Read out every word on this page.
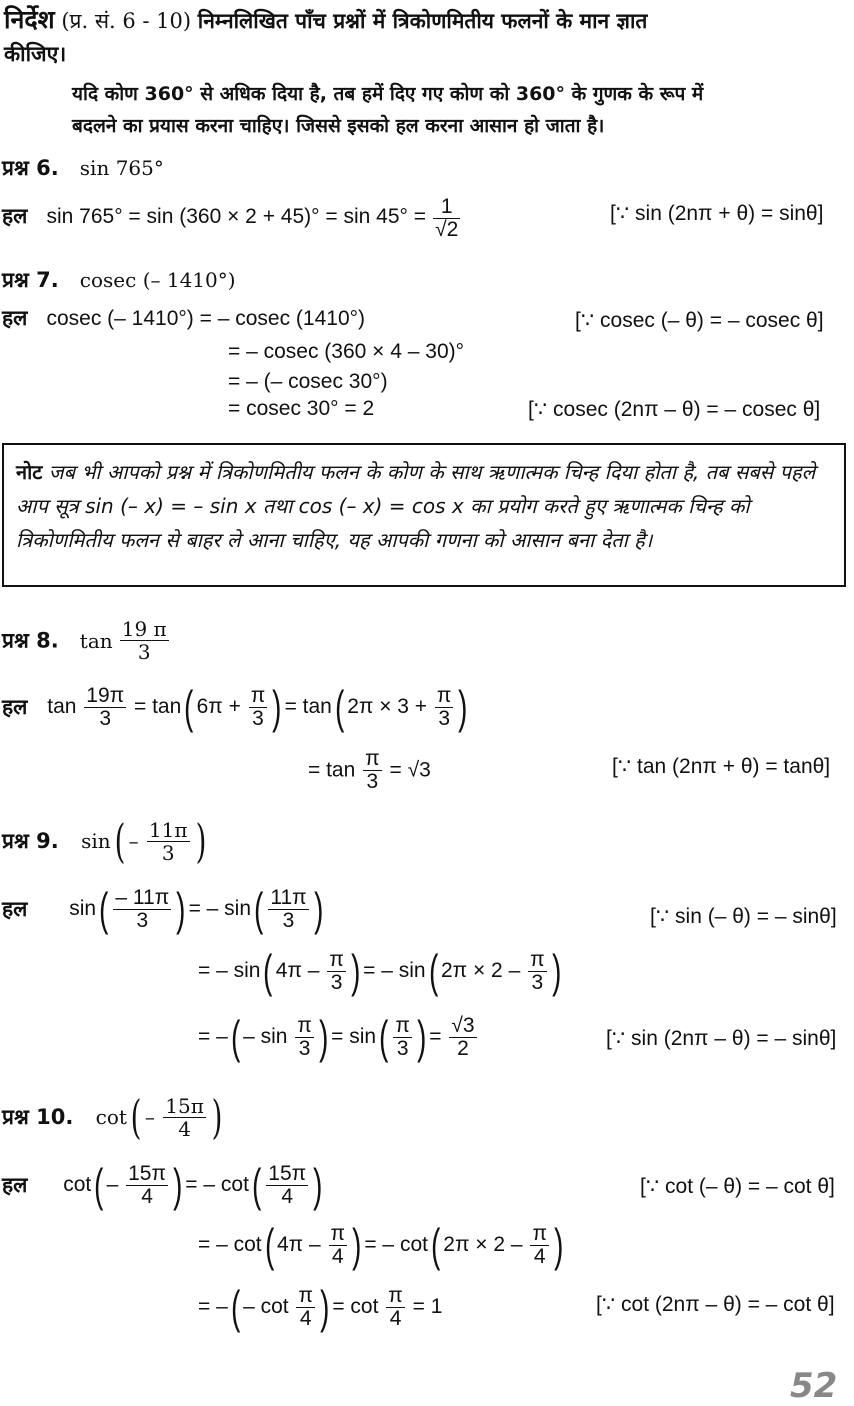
निर्देश (प्र. सं. 6 - 10) निम्नलिखित पाँच प्रश्नों में त्रिकोणमितीय फलनों के मान ज्ञात
कीजिए।
यदि कोण 360° से अधिक दिया है, तब हमें दिए गए कोण को 360° के गुणक के रूप में
बदलने का प्रयास करना चाहिए। जिससे इसको हल करना आसान हो जाता है।
प्रश्न 6. sin 765°
हल $\sin 765^\circ = \sin (360 \times 2 + 45)^\circ = \sin 45^\circ = \frac{1}{√2}$	[∵ sin (2nπ + θ) = sinθ]
प्रश्न 7. cosec (– 1410°)
हल cosec (– 1410°) = – cosec (1410°)	[∵ cosec (– θ) = – cosec θ]
= – cosec (360 × 4 – 30)°
= – (– cosec 30°)
= cosec 30° = 2	[∵ cosec (2nπ – θ) = – cosec θ]
नोट जब भी आपको प्रश्न में त्रिकोणमितीय फलन के कोण के साथ ऋणात्मक चिन्ह दिया होता है, तब सबसे पहले आप सूत्र sin (– x) = – sin x तथा cos (– x) = cos x का प्रयोग करते हुए ऋणात्मक चिन्ह को त्रिकोणमितीय फलन से बाहर ले आना चाहिए, यह आपकी गणना को आसान बना देता है।
प्रश्न 8. $\tan \frac{19 \pi}{3}$
हल $\tan \frac{19\pi}{3} = \tan$( $6\pi + \frac{\pi}{3}$ ) = tan( $2\pi \times 3 + \frac{\pi}{3}$ )
= $\tan \frac{\pi}{3} = √3$	[∵ tan (2nπ + θ) = tanθ]
प्रश्न 9. $\sin( - \frac{11\pi}{3}$ )
हल $\sin( \frac{- 11\pi}{3}$ ) = – $\sin( \frac{11\pi}{3}$ )	[∵ sin (– θ) = – sinθ]
= – sin( $4\pi - \frac{\pi}{3}$ ) = – sin( $2\pi \times 2 - \frac{\pi}{3}$ )
= –( – $\sin \frac{\pi}{3}$ ) = $\sin( \frac{\pi}{3}$ ) = $\frac{√3}{2}$	[∵ sin (2nπ – θ) = – sinθ]
प्रश्न 10. $\cot( - \frac{15\pi}{4}$ )
हल $\cot( - \frac{15\pi}{4}$ ) = – $\cot( \frac{15\pi}{4}$ )	[∵ cot (– θ) = – cot θ]
= – cot( $4\pi - \frac{\pi}{4}$ ) = – cot( $2\pi \times 2 - \frac{\pi}{4}$ )
= –( – $\cot \frac{\pi}{4}$ ) = $\cot \frac{\pi}{4} = 1$	[∵ cot (2nπ – θ) = – cot θ]
52
